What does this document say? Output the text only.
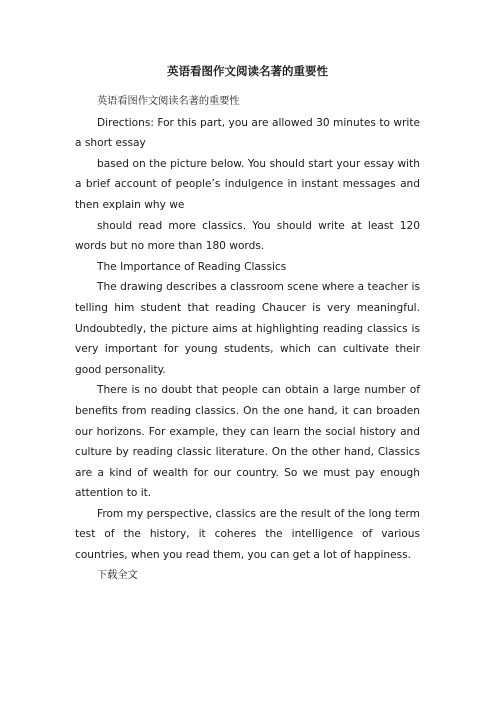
英语看图作文阅读名著的重要性

英语看图作文阅读名著的重要性

Directions: For this part, you are allowed 30 minutes to write a short essay

based on the picture below. You should start your essay with a brief account of people’s indulgence in instant messages and then explain why we

should read more classics. You should write at least 120 words but no more than 180 words.

The Importance of Reading Classics

The drawing describes a classroom scene where a teacher is telling him student that reading Chaucer is very meaningful. Undoubtedly, the picture aims at highlighting reading classics is very important for young students, which can cultivate their good personality.

There is no doubt that people can obtain a large number of benefits from reading classics. On the one hand, it can broaden our horizons. For example, they can learn the social history and culture by reading classic literature. On the other hand, Classics are a kind of wealth for our country. So we must pay enough attention to it.

From my perspective, classics are the result of the long term test of the history, it coheres the intelligence of various countries, when you read them, you can get a lot of happiness.

下载全文
